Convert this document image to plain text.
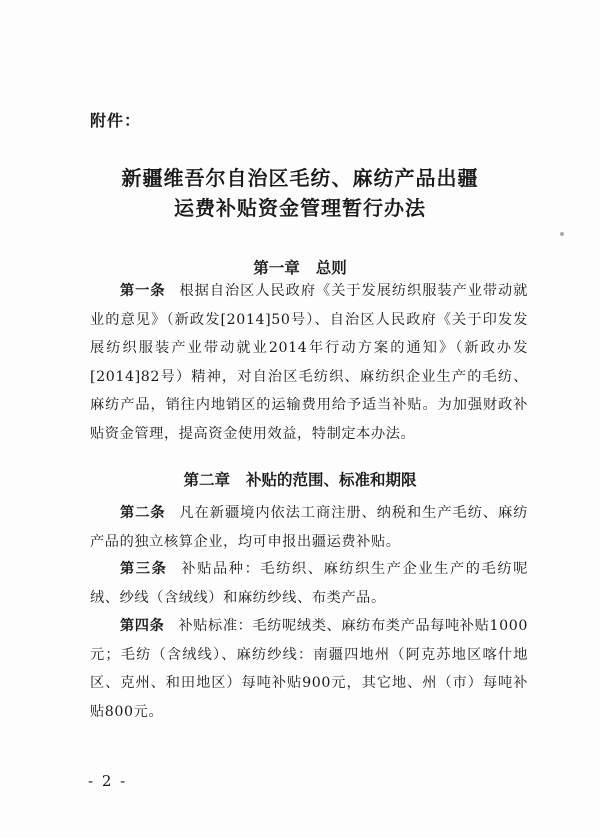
附件：
新疆维吾尔自治区毛纺、麻纺产品出疆
运费补贴资金管理暂行办法
第一章 总则
第一条 根据自治区人民政府《关于发展纺织服装产业带动就业的意见》（新政发[2014]50号）、自治区人民政府《关于印发发展纺织服装产业带动就业2014年行动方案的通知》（新政办发[2014]82号）精神，对自治区毛纺织、麻纺织企业生产的毛纺、麻纺产品，销往内地销区的运输费用给予适当补贴。为加强财政补贴资金管理，提高资金使用效益，特制定本办法。
第二章 补贴的范围、标准和期限
第二条 凡在新疆境内依法工商注册、纳税和生产毛纺、麻纺产品的独立核算企业，均可申报出疆运费补贴。
第三条 补贴品种：毛纺织、麻纺织生产企业生产的毛纺呢绒、纱线（含绒线）和麻纺纱线、布类产品。
第四条 补贴标准：毛纺呢绒类、麻纺布类产品每吨补贴1000元；毛纺（含绒线）、麻纺纱线：南疆四地州（阿克苏地区喀什地区、克州、和田地区）每吨补贴900元，其它地、州（市）每吨补贴800元。
- 2 -
